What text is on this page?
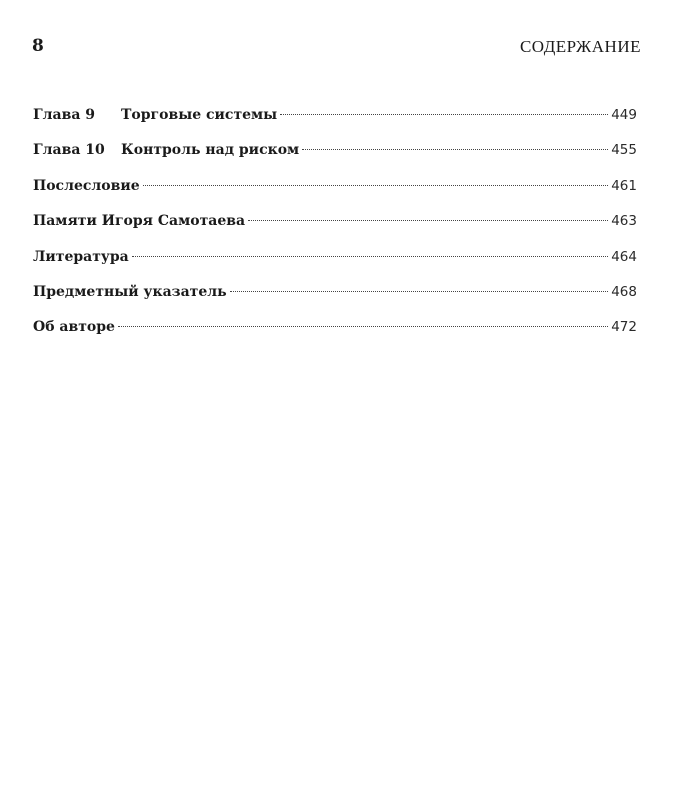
8	СОДЕРЖАНИЕ
Глава 9	Торговые системы	449
Глава 10	Контроль над риском	455
Послесловие	461
Памяти Игоря Самотаева	463
Литература	464
Предметный указатель	468
Об авторе	472
